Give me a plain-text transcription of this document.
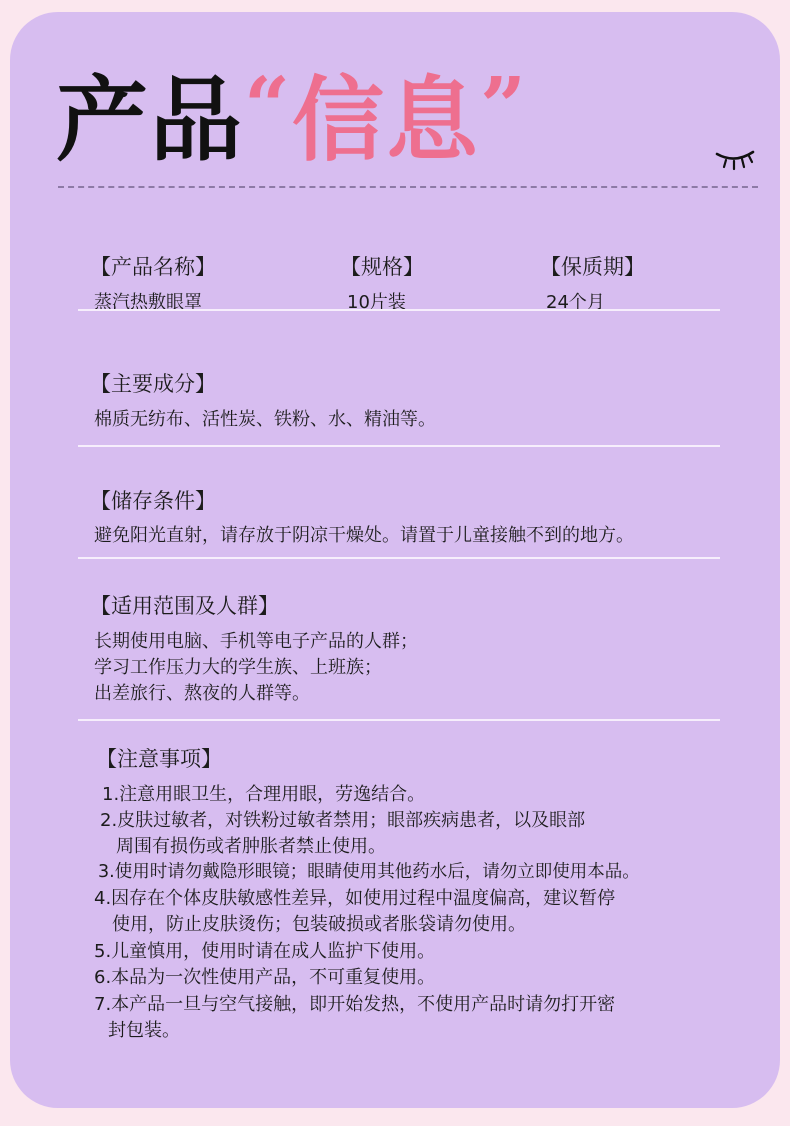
产品“信息”
【产品名称】
蒸汽热敷眼罩
【规格】
10片装
【保质期】
24个月
【主要成分】
棉质无纺布、活性炭、铁粉、水、精油等。
【储存条件】
避免阳光直射，请存放于阴凉干燥处。请置于儿童接触不到的地方。
【适用范围及人群】
长期使用电脑、手机等电子产品的人群；
学习工作压力大的学生族、上班族；
出差旅行、熬夜的人群等。
【注意事项】
1.注意用眼卫生，合理用眼，劳逸结合。
2.皮肤过敏者，对铁粉过敏者禁用；眼部疾病患者，以及眼部
周围有损伤或者肿胀者禁止使用。
3.使用时请勿戴隐形眼镜；眼睛使用其他药水后，请勿立即使用本品。
4.因存在个体皮肤敏感性差异，如使用过程中温度偏高，建议暂停
使用，防止皮肤烫伤；包装破损或者胀袋请勿使用。
5.儿童慎用，使用时请在成人监护下使用。
6.本品为一次性使用产品，不可重复使用。
7.本产品一旦与空气接触，即开始发热，不使用产品时请勿打开密
封包装。
